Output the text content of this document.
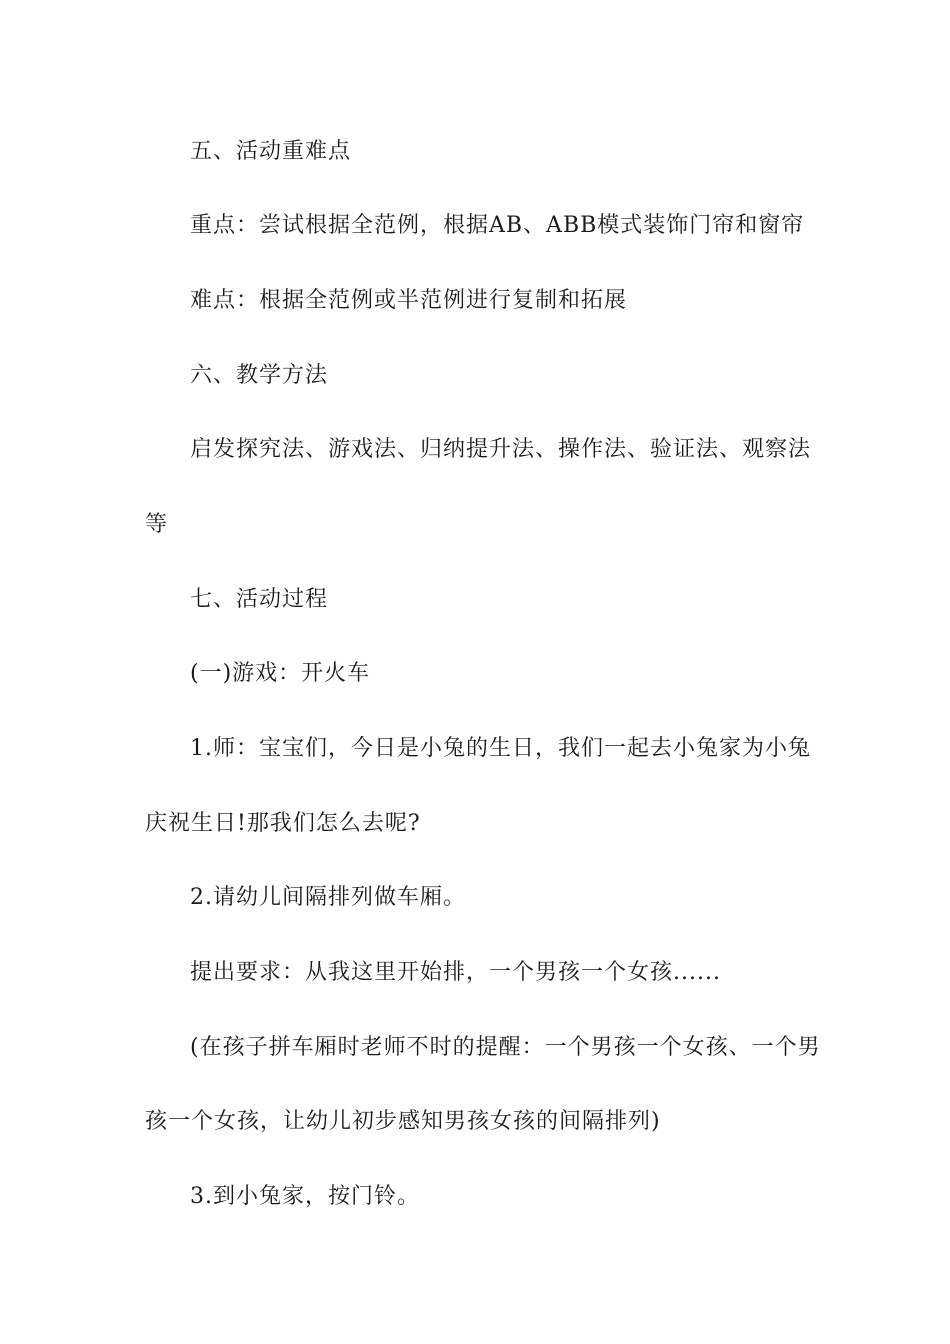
五、活动重难点
重点：尝试根据全范例，根据AB、ABB模式装饰门帘和窗帘
难点：根据全范例或半范例进行复制和拓展
六、教学方法
启发探究法、游戏法、归纳提升法、操作法、验证法、观察法
等
七、活动过程
(一)游戏：开火车
1.师：宝宝们，今日是小兔的生日，我们一起去小兔家为小兔
庆祝生日!那我们怎么去呢?
2.请幼儿间隔排列做车厢。
提出要求：从我这里开始排，一个男孩一个女孩......
(在孩子拼车厢时老师不时的提醒：一个男孩一个女孩、一个男
孩一个女孩，让幼儿初步感知男孩女孩的间隔排列)
3.到小兔家，按门铃。
